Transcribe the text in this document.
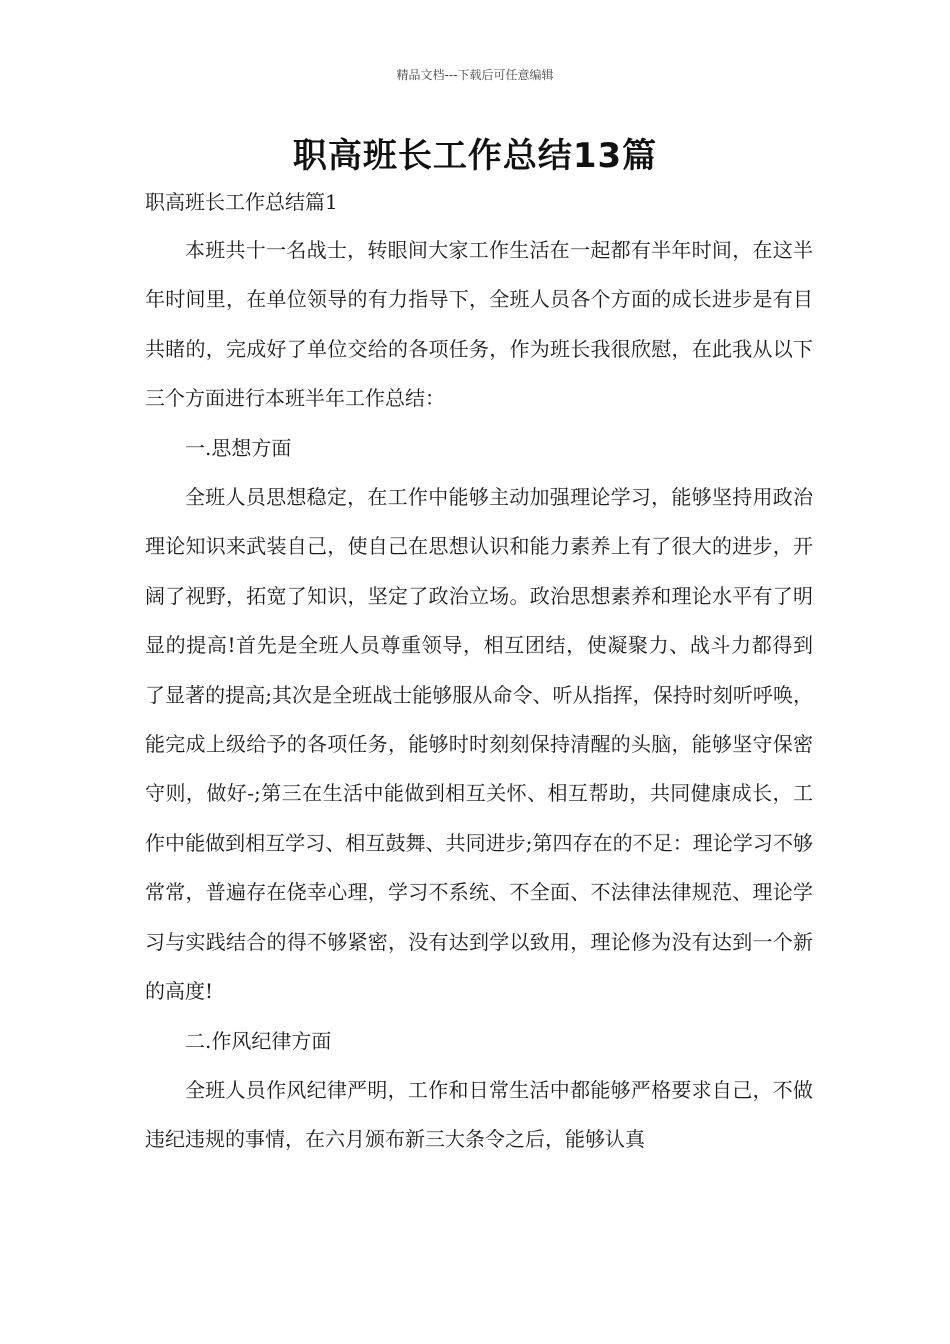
精品文档---下载后可任意编辑
职高班长工作总结13篇
职高班长工作总结篇1

本班共十一名战士，转眼间大家工作生活在一起都有半年时间，在这半年时间里，在单位领导的有力指导下，全班人员各个方面的成长进步是有目共睹的，完成好了单位交给的各项任务，作为班长我很欣慰，在此我从以下三个方面进行本班半年工作总结：

一.思想方面

全班人员思想稳定，在工作中能够主动加强理论学习，能够坚持用政治理论知识来武装自己，使自己在思想认识和能力素养上有了很大的进步，开阔了视野，拓宽了知识，坚定了政治立场。政治思想素养和理论水平有了明显的提高!首先是全班人员尊重领导，相互团结，使凝聚力、战斗力都得到了显著的提高;其次是全班战士能够服从命令、听从指挥，保持时刻听呼唤，能完成上级给予的各项任务，能够时时刻刻保持清醒的头脑，能够坚守保密守则，做好-;第三在生活中能做到相互关怀、相互帮助，共同健康成长，工作中能做到相互学习、相互鼓舞、共同进步;第四存在的不足：理论学习不够常常，普遍存在侥幸心理，学习不系统、不全面、不法律法律规范、理论学习与实践结合的得不够紧密，没有达到学以致用，理论修为没有达到一个新的高度!

二.作风纪律方面

全班人员作风纪律严明，工作和日常生活中都能够严格要求自己，不做违纪违规的事情，在六月颁布新三大条令之后，能够认真
